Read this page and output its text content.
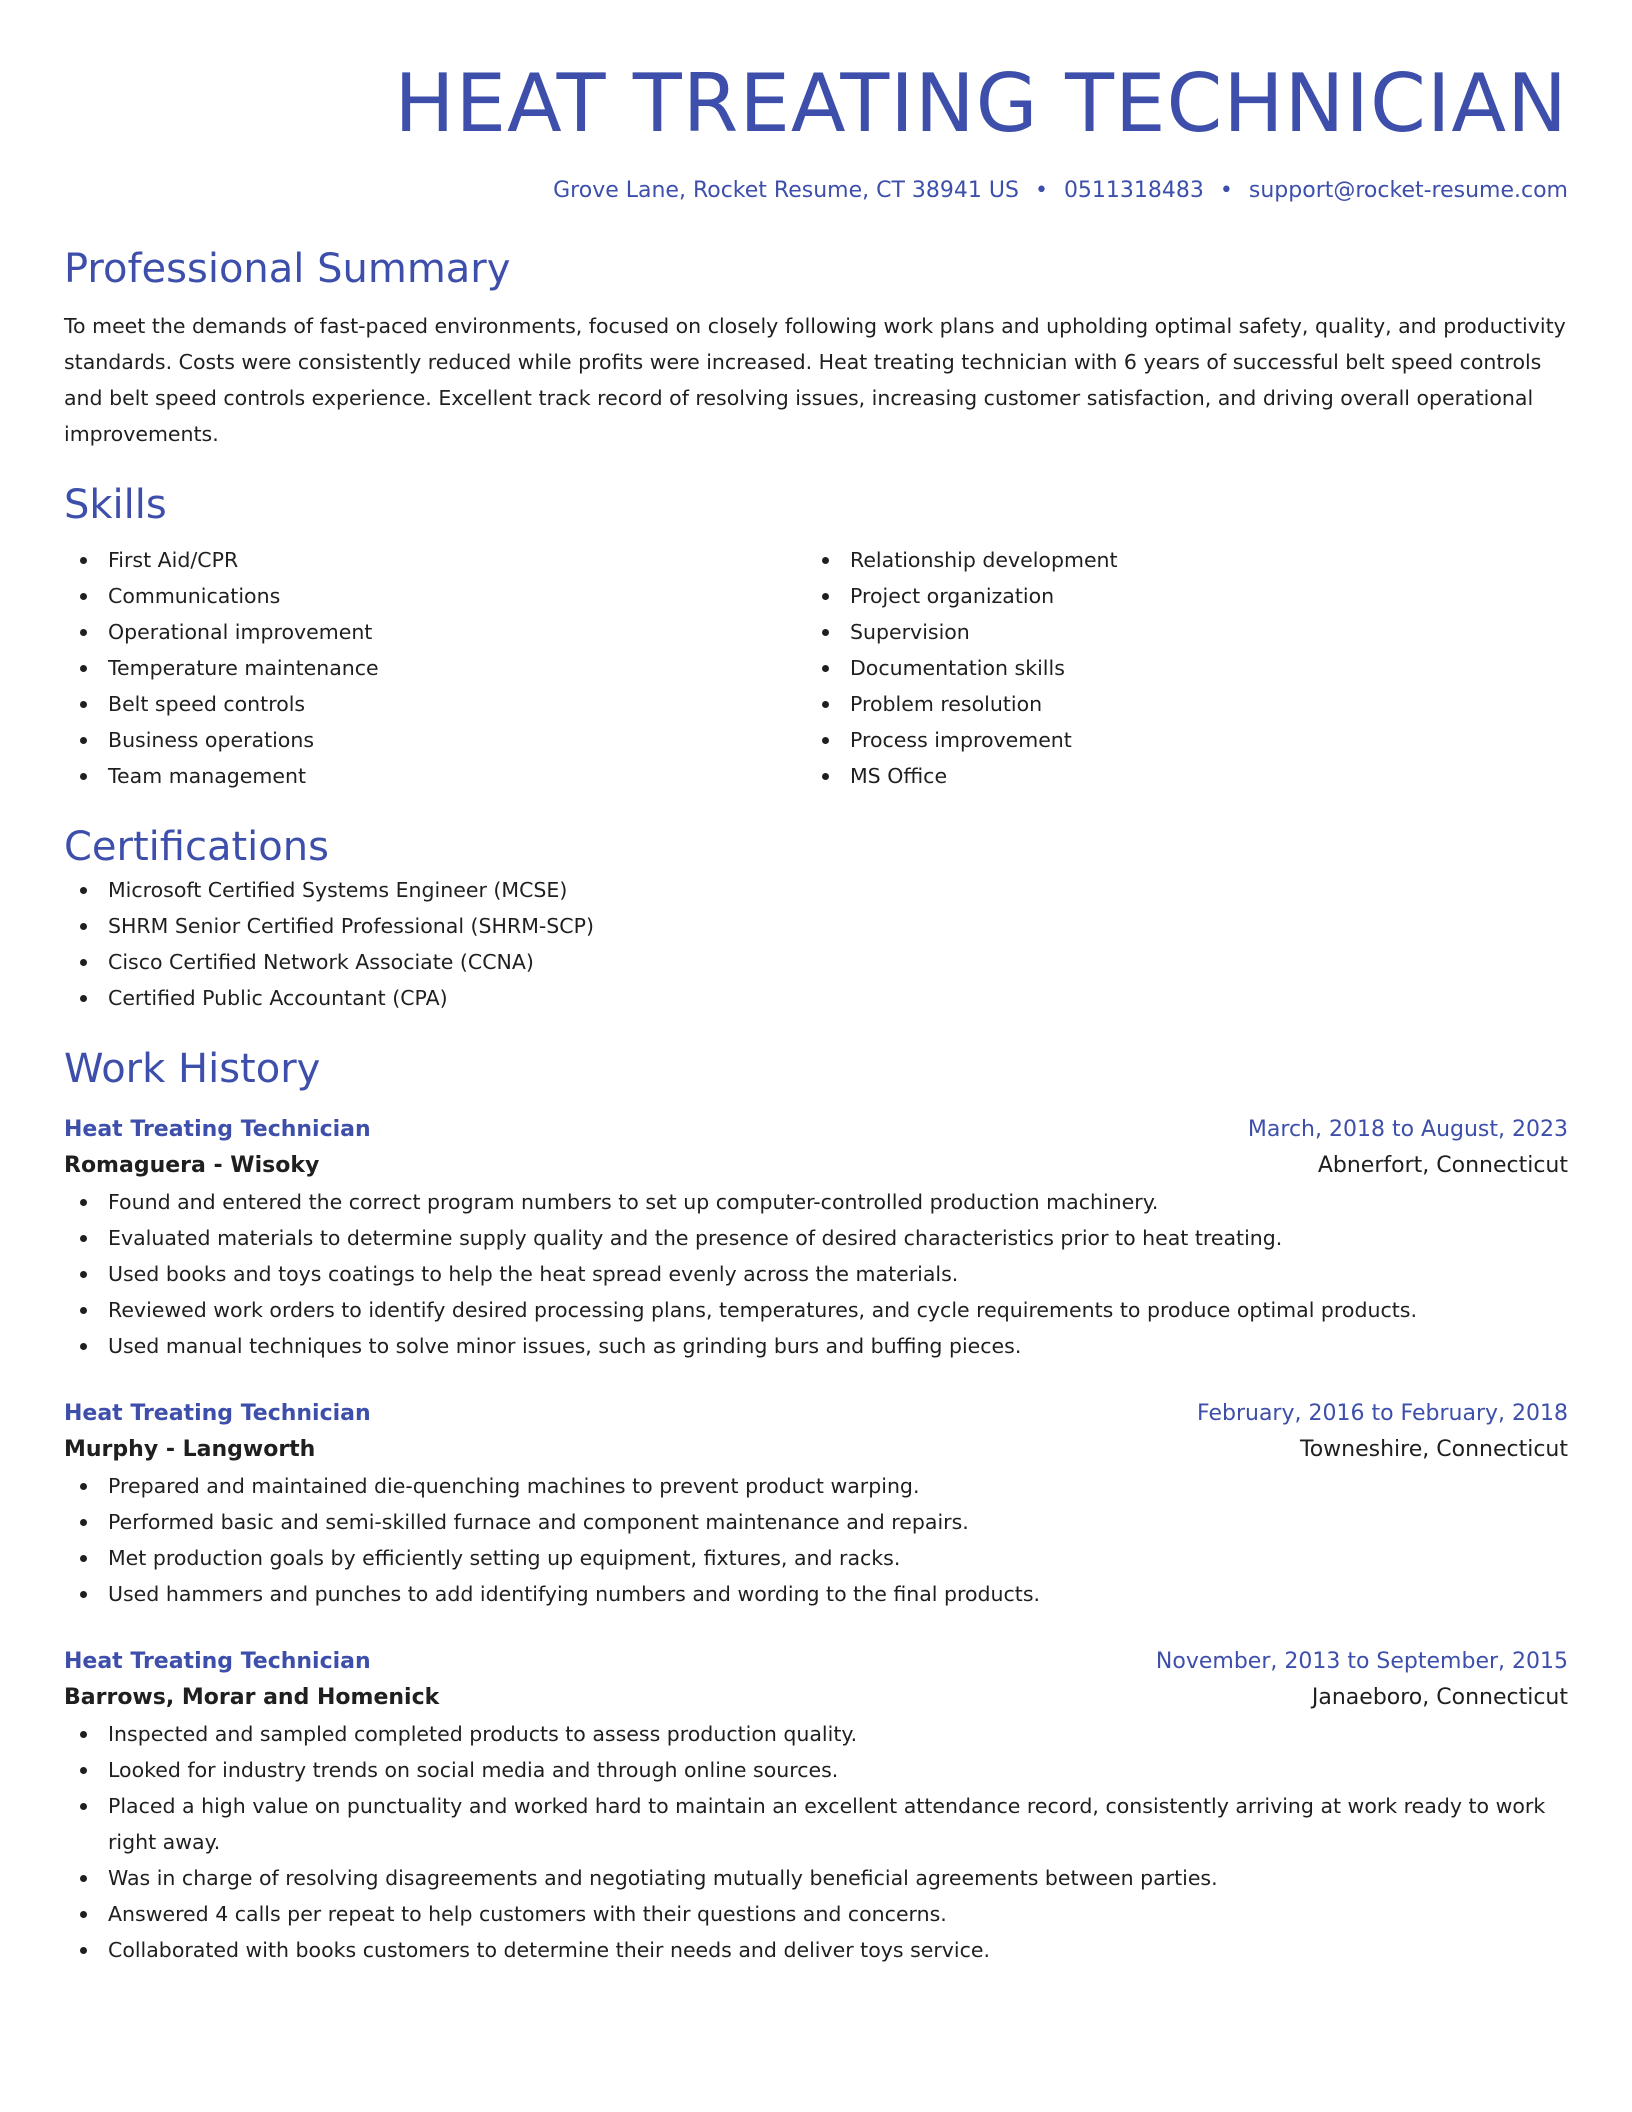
HEAT TREATING TECHNICIAN
Grove Lane, Rocket Resume, CT 38941 US • 0511318483 • support@rocket-resume.com
Professional Summary
To meet the demands of fast-paced environments, focused on closely following work plans and upholding optimal safety, quality, and productivity standards. Costs were consistently reduced while profits were increased. Heat treating technician with 6 years of successful belt speed controls and belt speed controls experience. Excellent track record of resolving issues, increasing customer satisfaction, and driving overall operational improvements.
Skills
First Aid/CPR
Communications
Operational improvement
Temperature maintenance
Belt speed controls
Business operations
Team management
Relationship development
Project organization
Supervision
Documentation skills
Problem resolution
Process improvement
MS Office
Certifications
Microsoft Certified Systems Engineer (MCSE)
SHRM Senior Certified Professional (SHRM-SCP)
Cisco Certified Network Associate (CCNA)
Certified Public Accountant (CPA)
Work History
Heat Treating Technician	March, 2018 to August, 2023
Romaguera - Wisoky	Abnerfort, Connecticut
Found and entered the correct program numbers to set up computer-controlled production machinery.
Evaluated materials to determine supply quality and the presence of desired characteristics prior to heat treating.
Used books and toys coatings to help the heat spread evenly across the materials.
Reviewed work orders to identify desired processing plans, temperatures, and cycle requirements to produce optimal products.
Used manual techniques to solve minor issues, such as grinding burs and buffing pieces.
Heat Treating Technician	February, 2016 to February, 2018
Murphy - Langworth	Towneshire, Connecticut
Prepared and maintained die-quenching machines to prevent product warping.
Performed basic and semi-skilled furnace and component maintenance and repairs.
Met production goals by efficiently setting up equipment, fixtures, and racks.
Used hammers and punches to add identifying numbers and wording to the final products.
Heat Treating Technician	November, 2013 to September, 2015
Barrows, Morar and Homenick	Janaeboro, Connecticut
Inspected and sampled completed products to assess production quality.
Looked for industry trends on social media and through online sources.
Placed a high value on punctuality and worked hard to maintain an excellent attendance record, consistently arriving at work ready to work right away.
Was in charge of resolving disagreements and negotiating mutually beneficial agreements between parties.
Answered 4 calls per repeat to help customers with their questions and concerns.
Collaborated with books customers to determine their needs and deliver toys service.
